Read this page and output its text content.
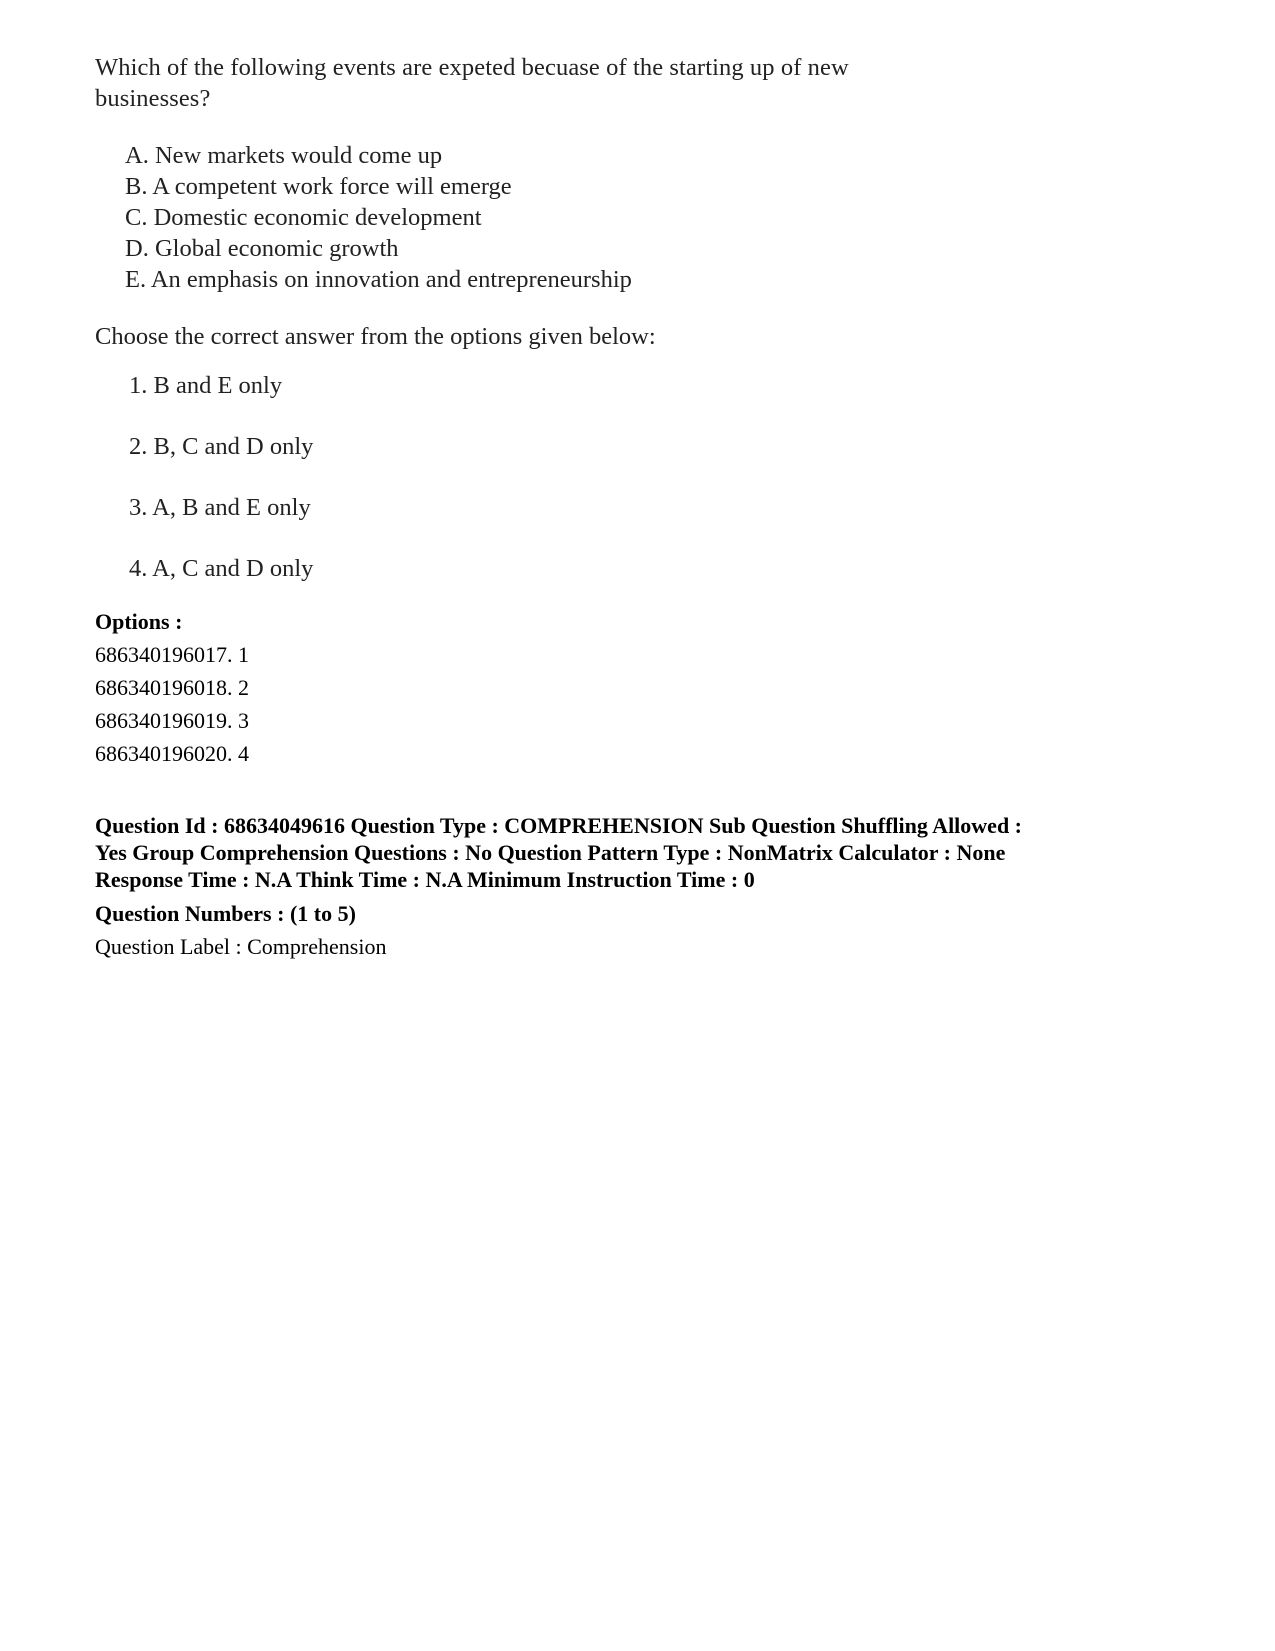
Which of the following events are expeted becuase of the starting up of new businesses?

A. New markets would come up
B. A competent work force will emerge
C. Domestic economic development
D. Global economic growth
E. An emphasis on innovation and entrepreneurship

Choose the correct answer from the options given below:

1. B and E only
2. B, C and D only
3. A, B and E only
4. A, C and D only
Options :
686340196017. 1
686340196018. 2
686340196019. 3
686340196020. 4
Question Id : 68634049616 Question Type : COMPREHENSION Sub Question Shuffling Allowed :
Yes Group Comprehension Questions : No Question Pattern Type : NonMatrix Calculator : None
Response Time : N.A Think Time : N.A Minimum Instruction Time : 0
Question Numbers : (1 to 5)
Question Label : Comprehension
